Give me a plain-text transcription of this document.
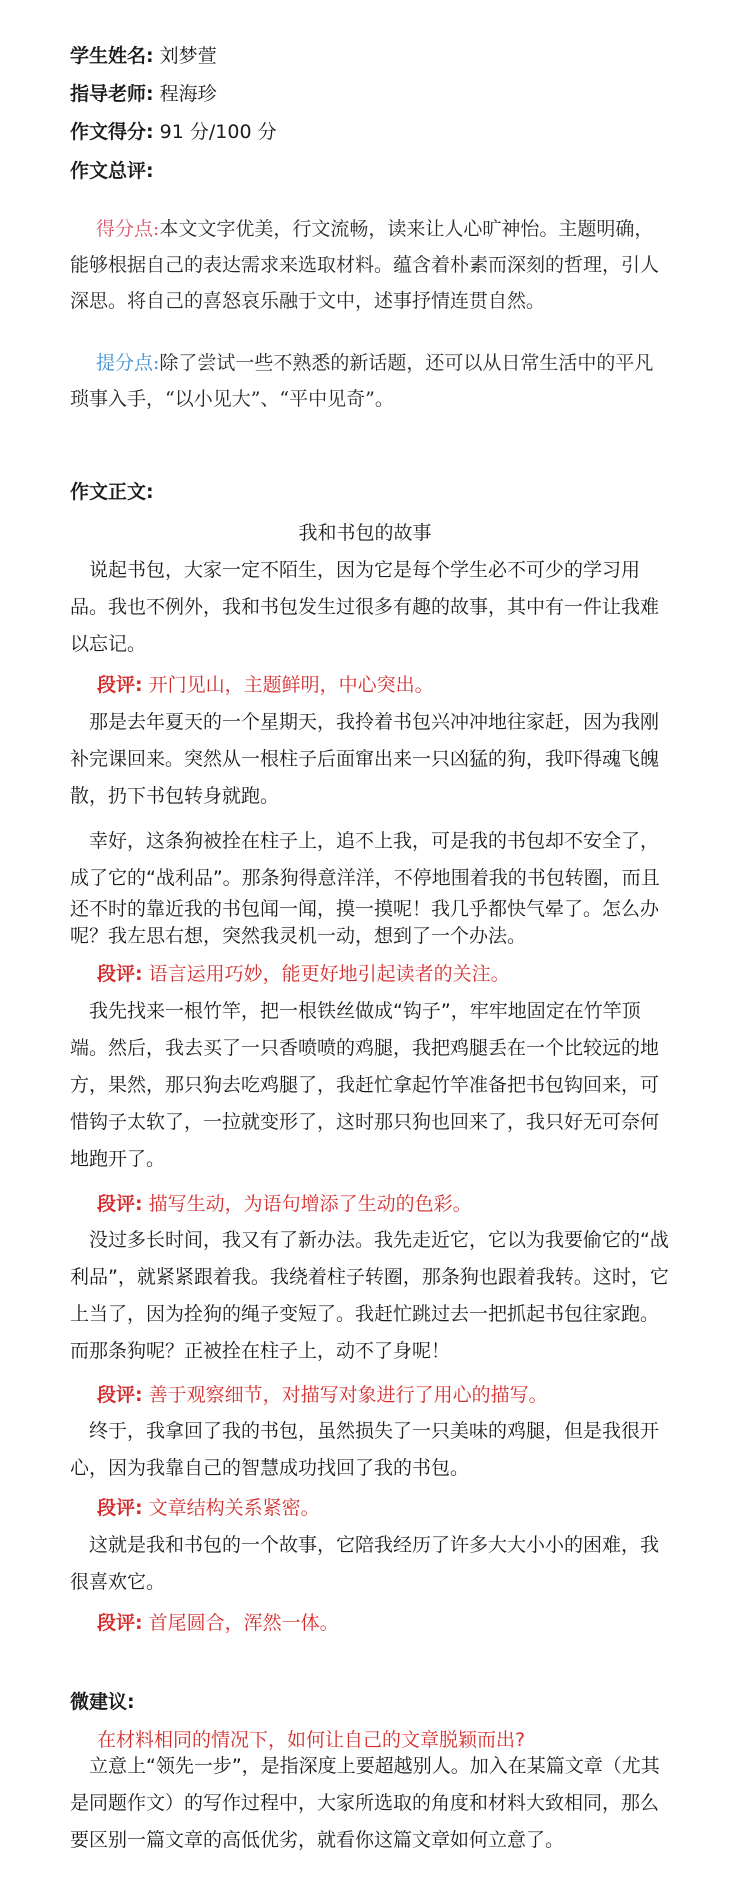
学生姓名: 刘梦萱
指导老师: 程海珍
作文得分: 91 分/100 分
作文总评:
得分点:本文文字优美，行文流畅，读来让人心旷神怡。主题明确，能够根据自己的表达需求来选取材料。蕴含着朴素而深刻的哲理，引人深思。将自己的喜怒哀乐融于文中，述事抒情连贯自然。
提分点:除了尝试一些不熟悉的新话题，还可以从日常生活中的平凡琐事入手，“以小见大”、“平中见奇”。
作文正文:
我和书包的故事
说起书包，大家一定不陌生，因为它是每个学生必不可少的学习用品。我也不例外，我和书包发生过很多有趣的故事，其中有一件让我难以忘记。
段评: 开门见山，主题鲜明，中心突出。
那是去年夏天的一个星期天，我拎着书包兴冲冲地往家赶，因为我刚补完课回来。突然从一根柱子后面窜出来一只凶猛的狗，我吓得魂飞魄散，扔下书包转身就跑。
幸好，这条狗被拴在柱子上，追不上我，可是我的书包却不安全了，成了它的“战利品”。那条狗得意洋洋，不停地围着我的书包转圈，而且
还不时的靠近我的书包闻一闻，摸一摸呢！我几乎都快气晕了。怎么办呢？我左思右想，突然我灵机一动，想到了一个办法。
段评: 语言运用巧妙，能更好地引起读者的关注。
我先找来一根竹竿，把一根铁丝做成“钩子”，牢牢地固定在竹竿顶端。然后，我去买了一只香喷喷的鸡腿，我把鸡腿丢在一个比较远的地方，果然，那只狗去吃鸡腿了，我赶忙拿起竹竿准备把书包钩回来，可惜钩子太软了，一拉就变形了，这时那只狗也回来了，我只好无可奈何地跑开了。
段评: 描写生动，为语句增添了生动的色彩。
没过多长时间，我又有了新办法。我先走近它，它以为我要偷它的“战利品”，就紧紧跟着我。我绕着柱子转圈，那条狗也跟着我转。这时，它上当了，因为拴狗的绳子变短了。我赶忙跳过去一把抓起书包往家跑。而那条狗呢？正被拴在柱子上，动不了身呢！
段评: 善于观察细节，对描写对象进行了用心的描写。
终于，我拿回了我的书包，虽然损失了一只美味的鸡腿，但是我很开心，因为我靠自己的智慧成功找回了我的书包。
段评: 文章结构关系紧密。
这就是我和书包的一个故事，它陪我经历了许多大大小小的困难，我很喜欢它。
段评: 首尾圆合，浑然一体。
微建议:
在材料相同的情况下，如何让自己的文章脱颖而出?
立意上“领先一步”，是指深度上要超越别人。加入在某篇文章（尤其是同题作文）的写作过程中，大家所选取的角度和材料大致相同，那么要区别一篇文章的高低优劣，就看你这篇文章如何立意了。
